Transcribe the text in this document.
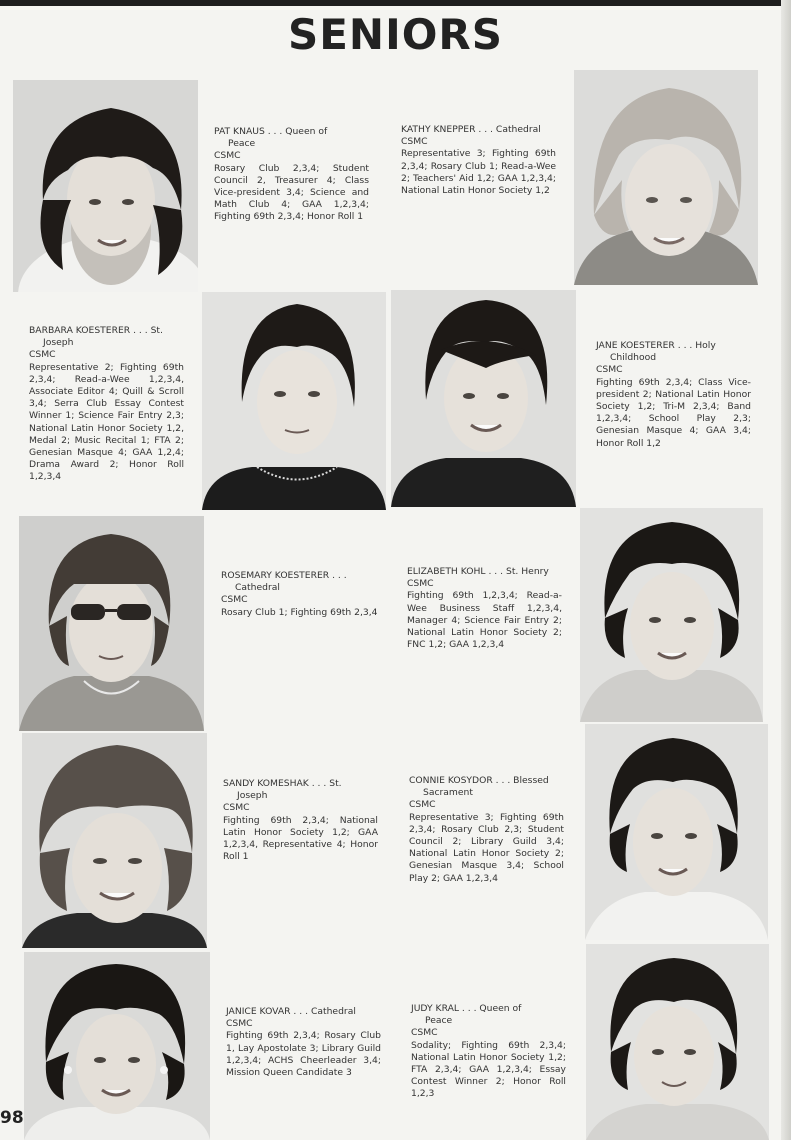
SENIORS
PAT KNAUS . . . Queen of
Peace
CSMC
Rosary Club 2,3,4; Student Council 2, Treasurer 4; Class Vice-president 3,4; Science and Math Club 4; GAA 1,2,3,4; Fighting 69th 2,3,4; Honor Roll 1
KATHY KNEPPER . . . Cathedral
CSMC
Representative 3; Fighting 69th 2,3,4; Rosary Club 1; Read-a-Wee 2; Teachers' Aid 1,2; GAA 1,2,3,4; National Latin Honor Society 1,2
BARBARA KOESTERER . . . St.
Joseph
CSMC
Representative 2; Fighting 69th 2,3,4; Read-a-Wee 1,2,3,4, Associate Editor 4; Quill & Scroll 3,4; Serra Club Essay Contest Winner 1; Science Fair Entry 2,3; National Latin Honor Society 1,2, Medal 2; Music Recital 1; FTA 2; Genesian Masque 4; GAA 1,2,4; Drama Award 2; Honor Roll 1,2,3,4
JANE KOESTERER . . . Holy
Childhood
CSMC
Fighting 69th 2,3,4; Class Vice-president 2; National Latin Honor Society 1,2; Tri-M 2,3,4; Band 1,2,3,4; School Play 2,3; Genesian Masque 4; GAA 3,4; Honor Roll 1,2
ROSEMARY KOESTERER . . .
Cathedral
CSMC
Rosary Club 1; Fighting 69th 2,3,4
ELIZABETH KOHL . . . St. Henry
CSMC
Fighting 69th 1,2,3,4; Read-a-Wee Business Staff 1,2,3,4, Manager 4; Science Fair Entry 2; National Latin Honor Society 2; FNC 1,2; GAA 1,2,3,4
SANDY KOMESHAK . . . St.
Joseph
CSMC
Fighting 69th 2,3,4; National Latin Honor Society 1,2; GAA 1,2,3,4, Representative 4; Honor Roll 1
CONNIE KOSYDOR . . . Blessed
Sacrament
CSMC
Representative 3; Fighting 69th 2,3,4; Rosary Club 2,3; Student Council 2; Library Guild 3,4; National Latin Honor Society 2; Genesian Masque 3,4; School Play 2; GAA 1,2,3,4
JANICE KOVAR . . . Cathedral
CSMC
Fighting 69th 2,3,4; Rosary Club 1, Lay Apostolate 3; Library Guild 1,2,3,4; ACHS Cheerleader 3,4; Mission Queen Candidate 3
JUDY KRAL . . . Queen of
Peace
CSMC
Sodality; Fighting 69th 2,3,4; National Latin Honor Society 1,2; FTA 2,3,4; GAA 1,2,3,4; Essay Contest Winner 2; Honor Roll 1,2,3
98
